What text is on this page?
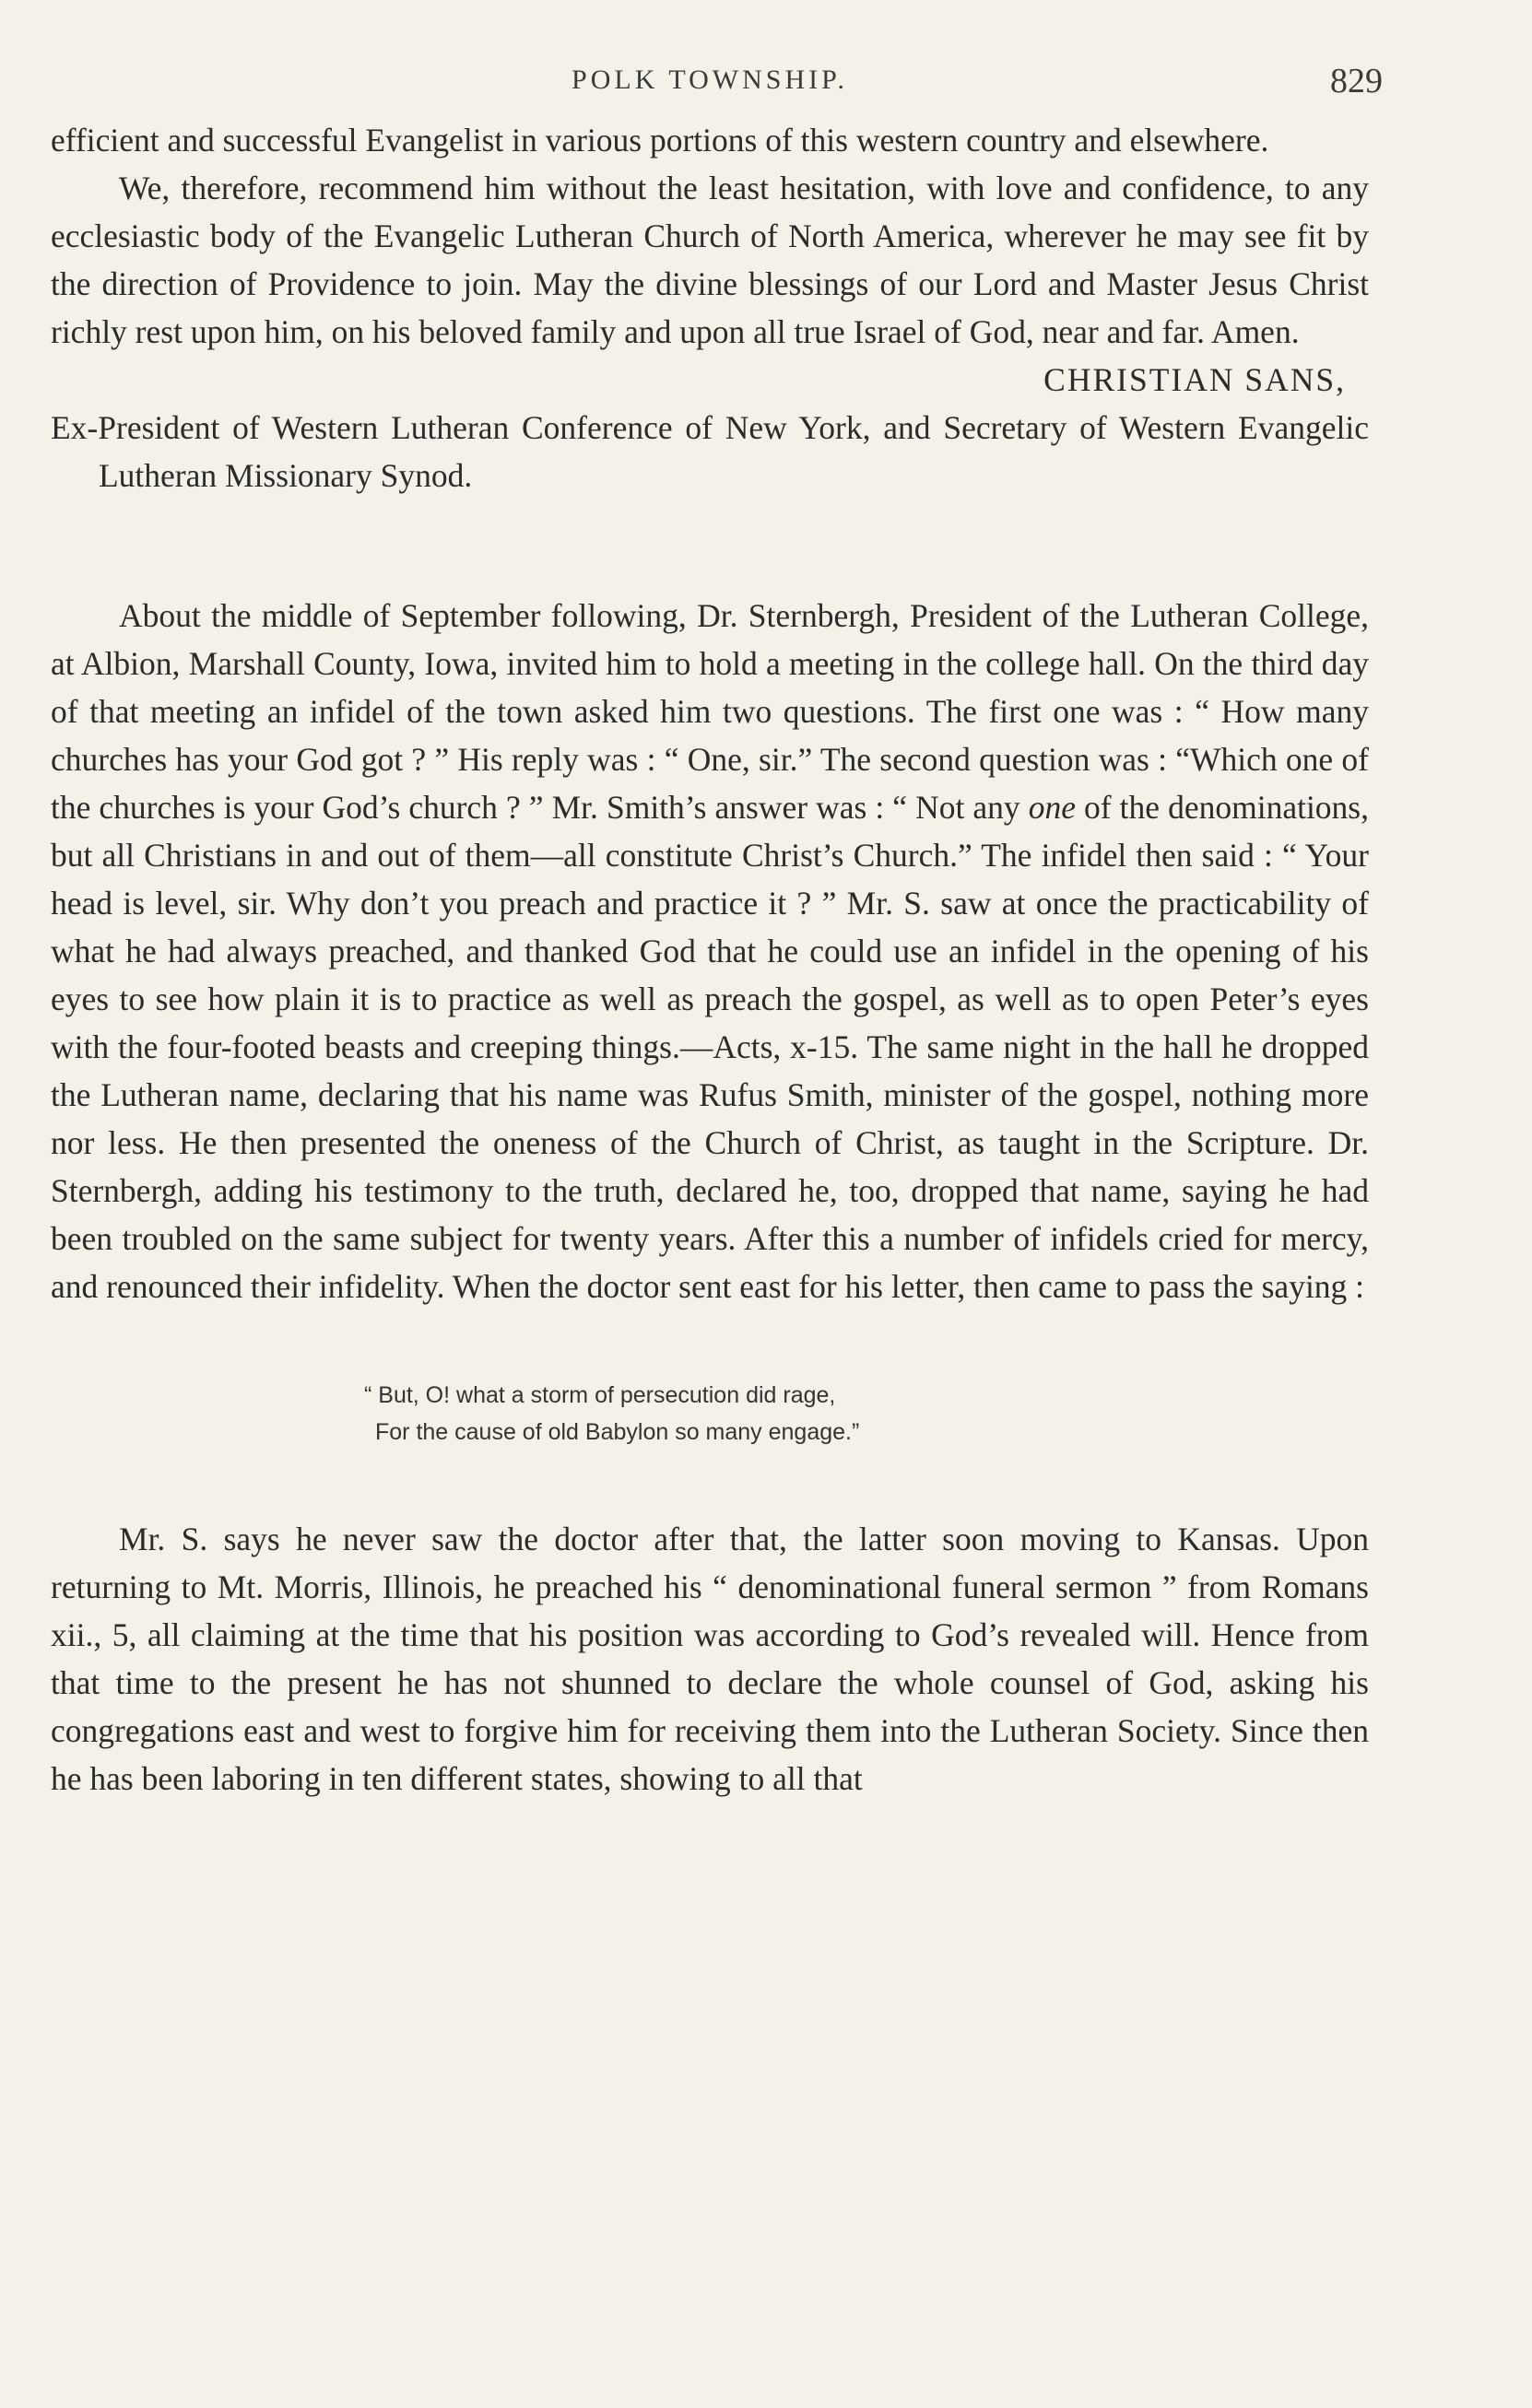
POLK TOWNSHIP.	829

efficient and successful Evangelist in various portions of this western country and elsewhere.

We, therefore, recommend him without the least hesitation, with love and confidence, to any ecclesiastic body of the Evangelic Lutheran Church of North America, wherever he may see fit by the direction of Providence to join. May the divine blessings of our Lord and Master Jesus Christ richly rest upon him, on his beloved family and upon all true Israel of God, near and far. Amen.

CHRISTIAN SANS,

Ex-President of Western Lutheran Conference of New York, and Secretary of Western Evangelic Lutheran Missionary Synod.

About the middle of September following, Dr. Sternbergh, President of the Lutheran College, at Albion, Marshall County, Iowa, invited him to hold a meeting in the college hall. On the third day of that meeting an infidel of the town asked him two questions. The first one was : “ How many churches has your God got ? ” His reply was : “ One, sir.” The second question was : “Which one of the churches is your God’s church ? ” Mr. Smith’s answer was : “ Not any one of the denominations, but all Christians in and out of them—all constitute Christ’s Church.” The infidel then said : “ Your head is level, sir. Why don’t you preach and practice it ? ” Mr. S. saw at once the practicability of what he had always preached, and thanked God that he could use an infidel in the opening of his eyes to see how plain it is to practice as well as preach the gospel, as well as to open Peter’s eyes with the four-footed beasts and creeping things.—Acts, x-15. The same night in the hall he dropped the Lutheran name, declaring that his name was Rufus Smith, minister of the gospel, nothing more nor less. He then presented the oneness of the Church of Christ, as taught in the Scripture. Dr. Sternbergh, adding his testimony to the truth, declared he, too, dropped that name, saying he had been troubled on the same subject for twenty years. After this a number of infidels cried for mercy, and renounced their infidelity. When the doctor sent east for his letter, then came to pass the saying :

“ But, O! what a storm of persecution did rage,
For the cause of old Babylon so many engage.”

Mr. S. says he never saw the doctor after that, the latter soon moving to Kansas. Upon returning to Mt. Morris, Illinois, he preached his “ denominational funeral sermon ” from Romans xii., 5, all claiming at the time that his position was according to God’s revealed will. Hence from that time to the present he has not shunned to declare the whole counsel of God, asking his congregations east and west to forgive him for receiving them into the Lutheran Society. Since then he has been laboring in ten different states, showing to all that
